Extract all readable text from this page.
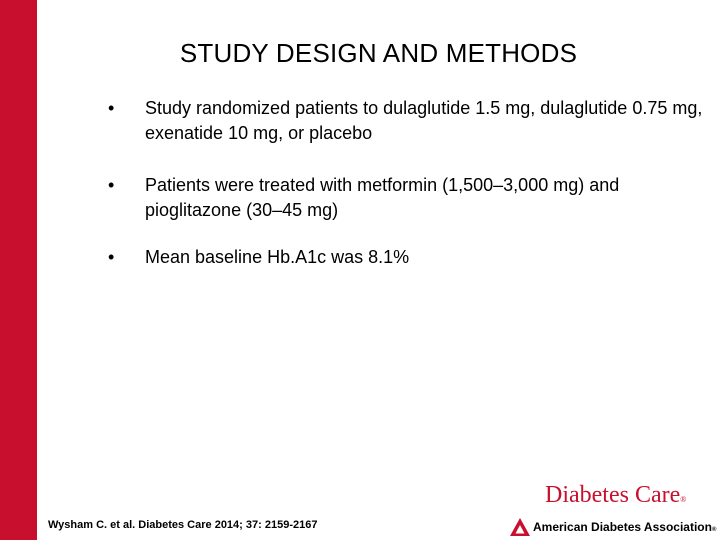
STUDY DESIGN AND METHODS
• Study randomized patients to dulaglutide 1.5 mg, dulaglutide 0.75 mg, exenatide 10 mg, or placebo
• Patients were treated with metformin (1,500–3,000 mg) and pioglitazone (30–45 mg)
• Mean baseline Hb.A1c was 8.1%
Wysham C. et al. Diabetes Care 2014; 37: 2159-2167
Diabetes Care®
American Diabetes Association®
